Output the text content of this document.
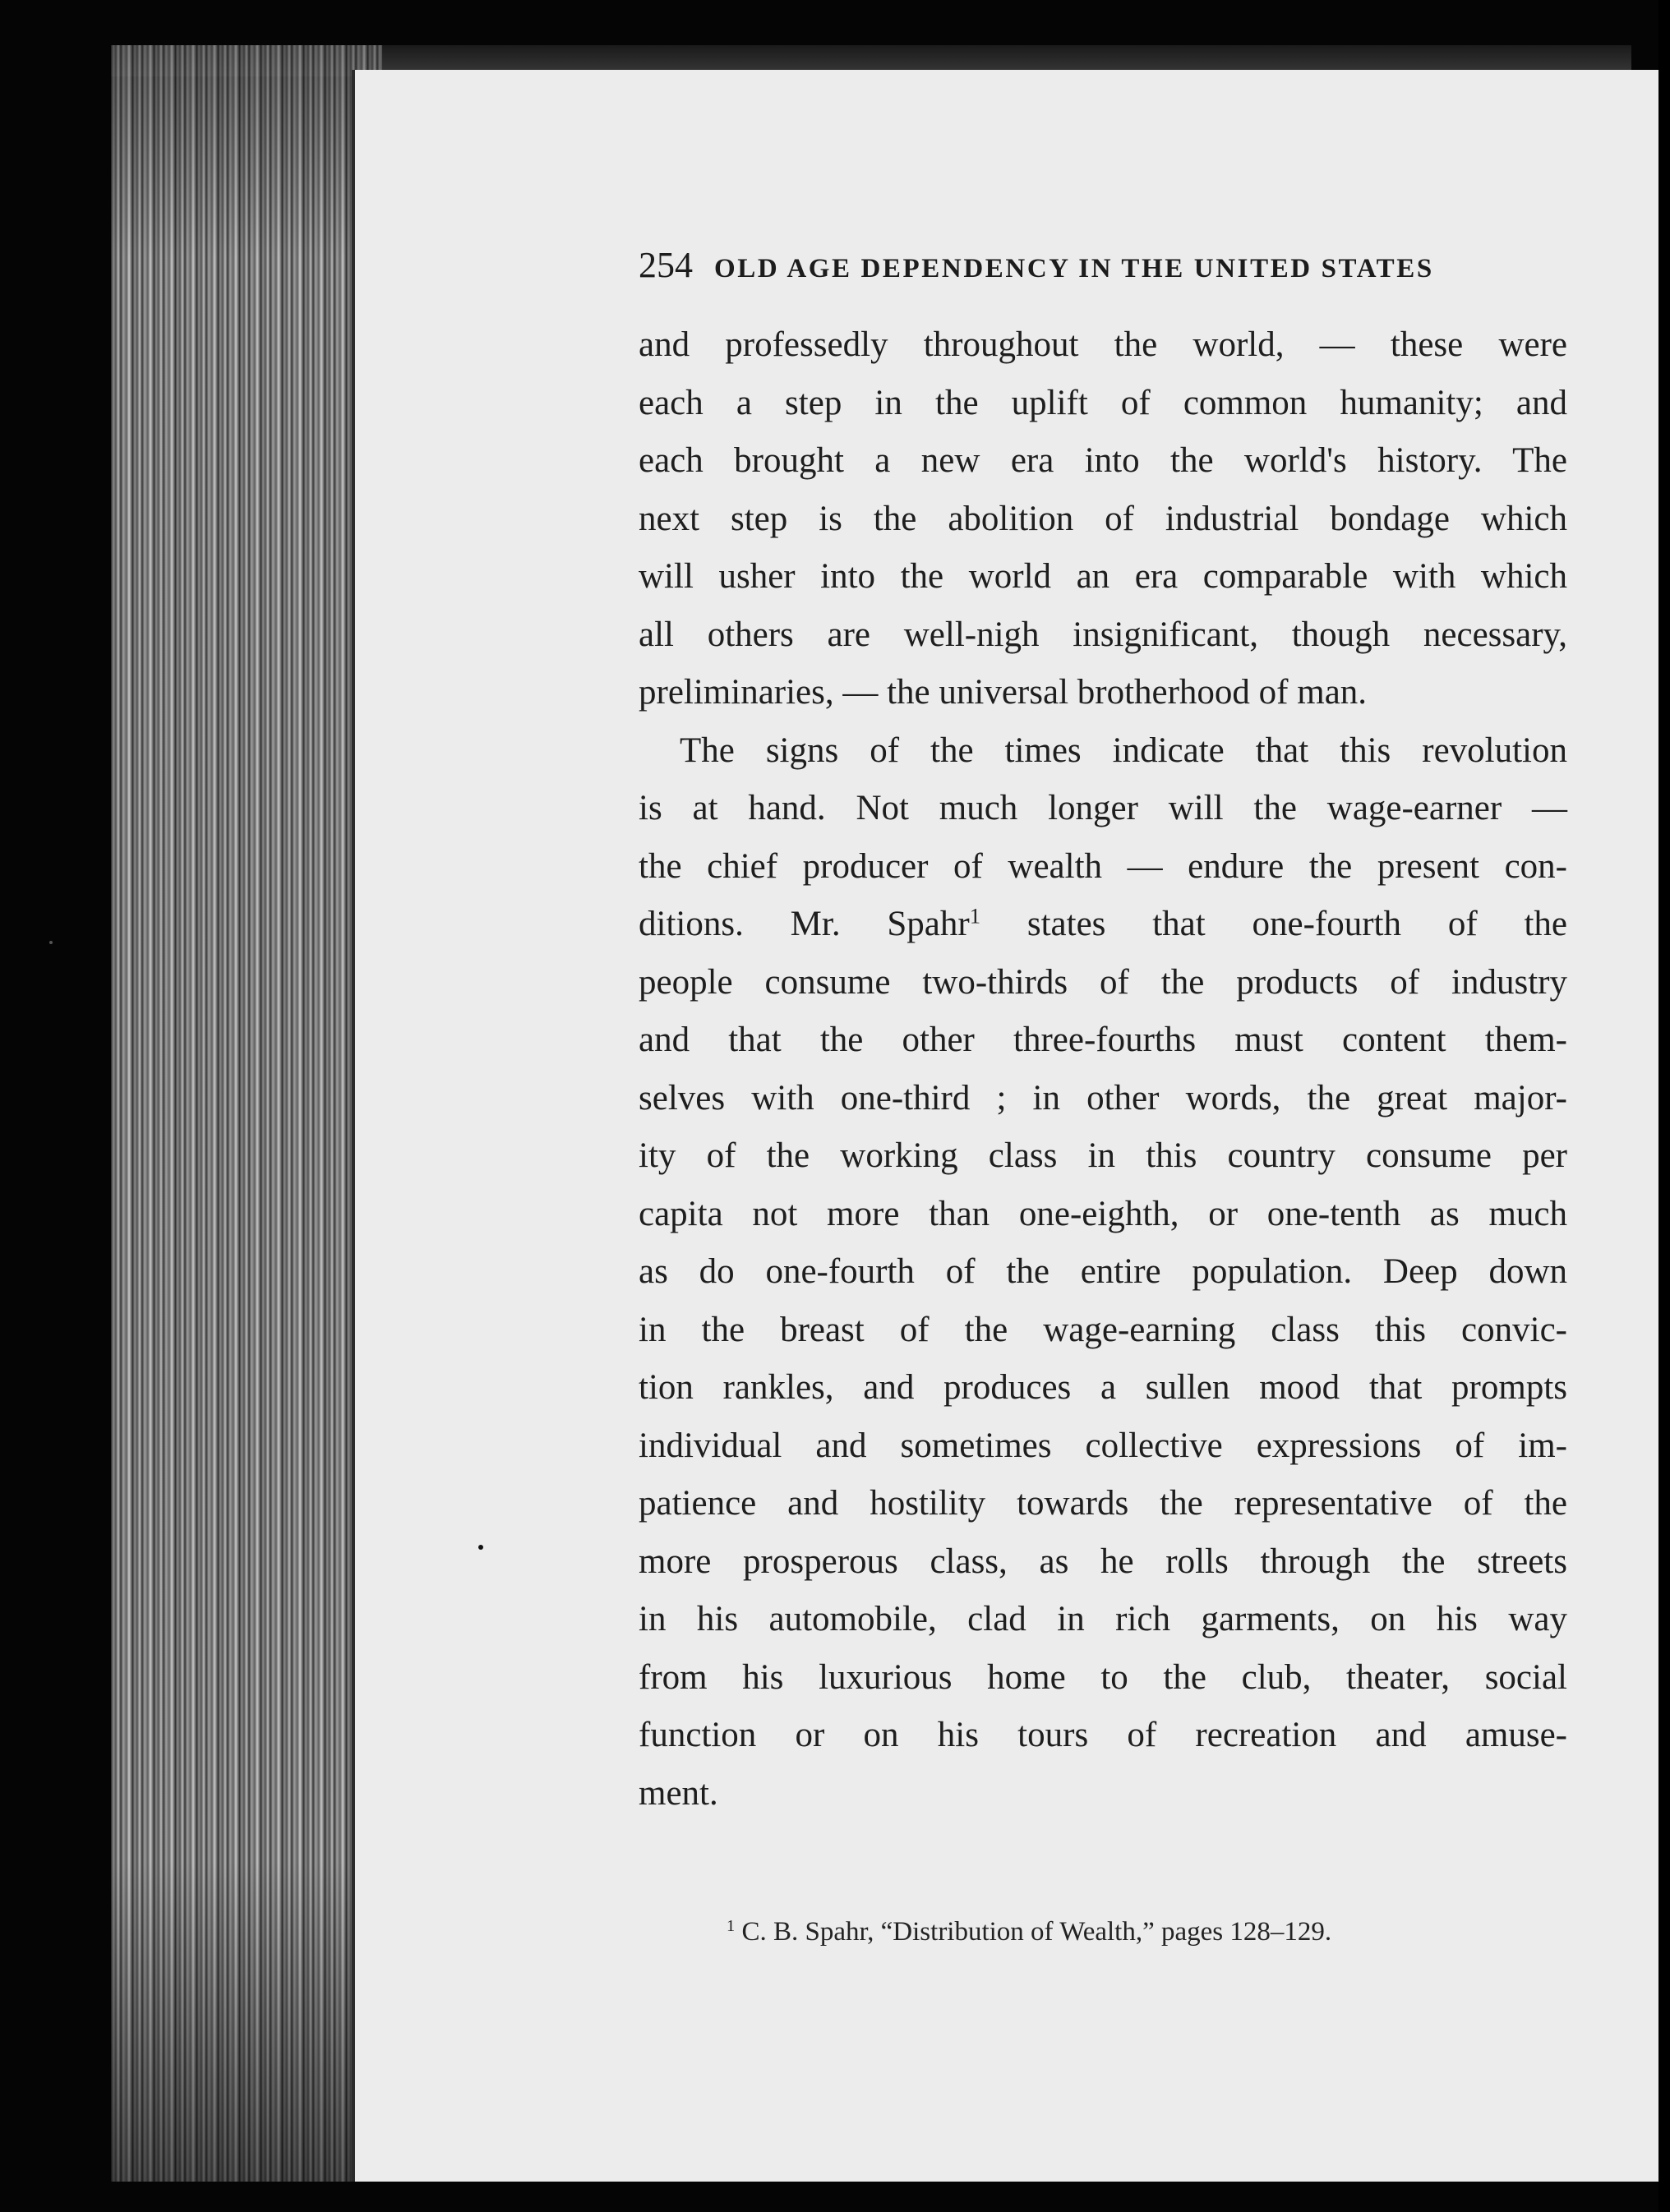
254 OLD AGE DEPENDENCY IN THE UNITED STATES
and professedly throughout the world, — these were
each a step in the uplift of common humanity; and
each brought a new era into the world's history. The
next step is the abolition of industrial bondage which
will usher into the world an era comparable with which
all others are well-nigh insignificant, though necessary,
preliminaries, — the universal brotherhood of man.
The signs of the times indicate that this revolution
is at hand. Not much longer will the wage-earner —
the chief producer of wealth — endure the present con-
ditions. Mr. Spahr$^1$ states that one-fourth of the
people consume two-thirds of the products of industry
and that the other three-fourths must content them-
selves with one-third ; in other words, the great major-
ity of the working class in this country consume per
capita not more than one-eighth, or one-tenth as much
as do one-fourth of the entire population. Deep down
in the breast of the wage-earning class this convic-
tion rankles, and produces a sullen mood that prompts
individual and sometimes collective expressions of im-
patience and hostility towards the representative of the
more prosperous class, as he rolls through the streets
in his automobile, clad in rich garments, on his way
from his luxurious home to the club, theater, social
function or on his tours of recreation and amuse-
ment.
$^1$ C. B. Spahr, “Distribution of Wealth,” pages 128–129.
